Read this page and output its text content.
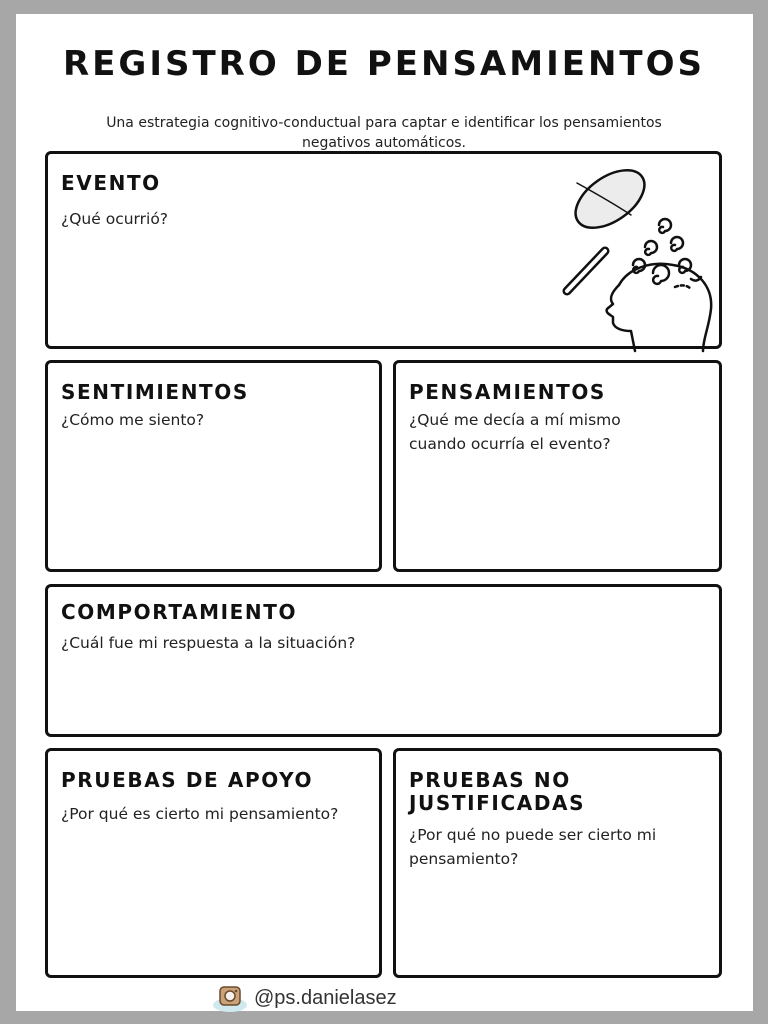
REGISTRO DE PENSAMIENTOS
Una estrategia cognitivo-conductual para captar e identificar los pensamientos negativos automáticos.
EVENTO
¿Qué ocurrió?
SENTIMIENTOS
¿Cómo me siento?
PENSAMIENTOS
¿Qué me decía a mí mismo cuando ocurría el evento?
COMPORTAMIENTO
¿Cuál fue mi respuesta a la situación?
PRUEBAS DE APOYO
¿Por qué es cierto mi pensamiento?
PRUEBAS NO JUSTIFICADAS
¿Por qué no puede ser cierto mi pensamiento?
@ps.danielasez
